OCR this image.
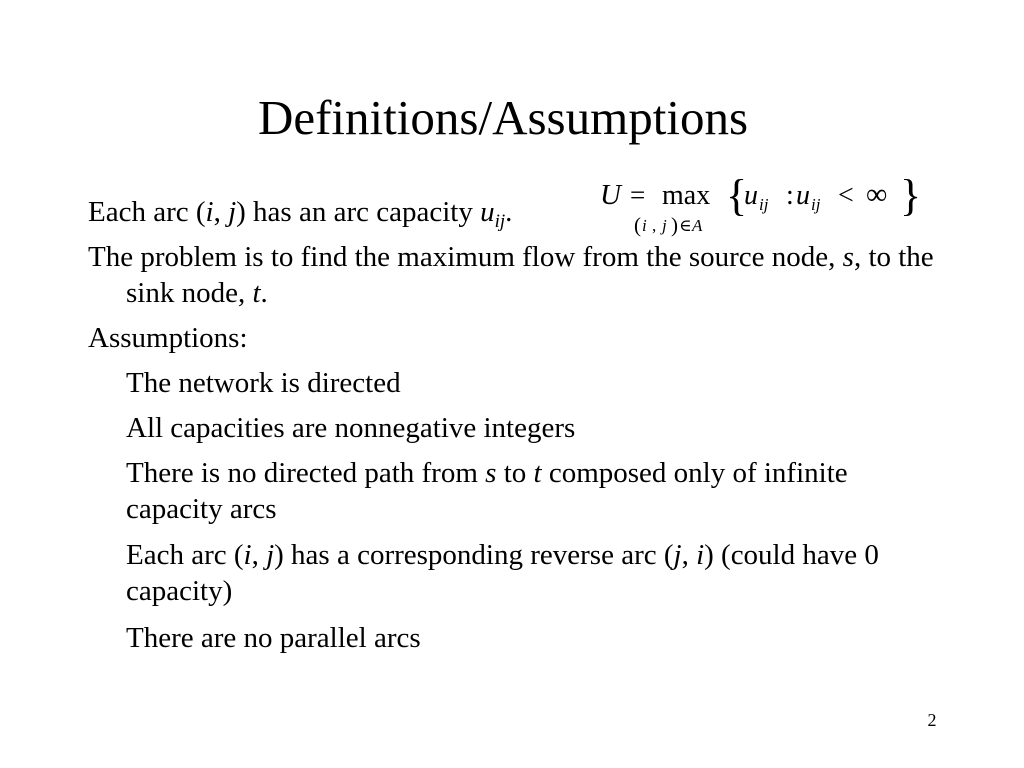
Definitions/Assumptions
Each arc (i, j) has an arc capacity $u_{ij}$.
U = max
( i , j ) ∈ A
{
u ij : u ij < ∞ }
The problem is to find the maximum flow from the source node, s, to the sink node, t.
Assumptions:
The network is directed
All capacities are nonnegative integers
There is no directed path from s to t composed only of infinite capacity arcs
Each arc (i, j) has a corresponding reverse arc (j, i) (could have 0 capacity)
There are no parallel arcs
2
